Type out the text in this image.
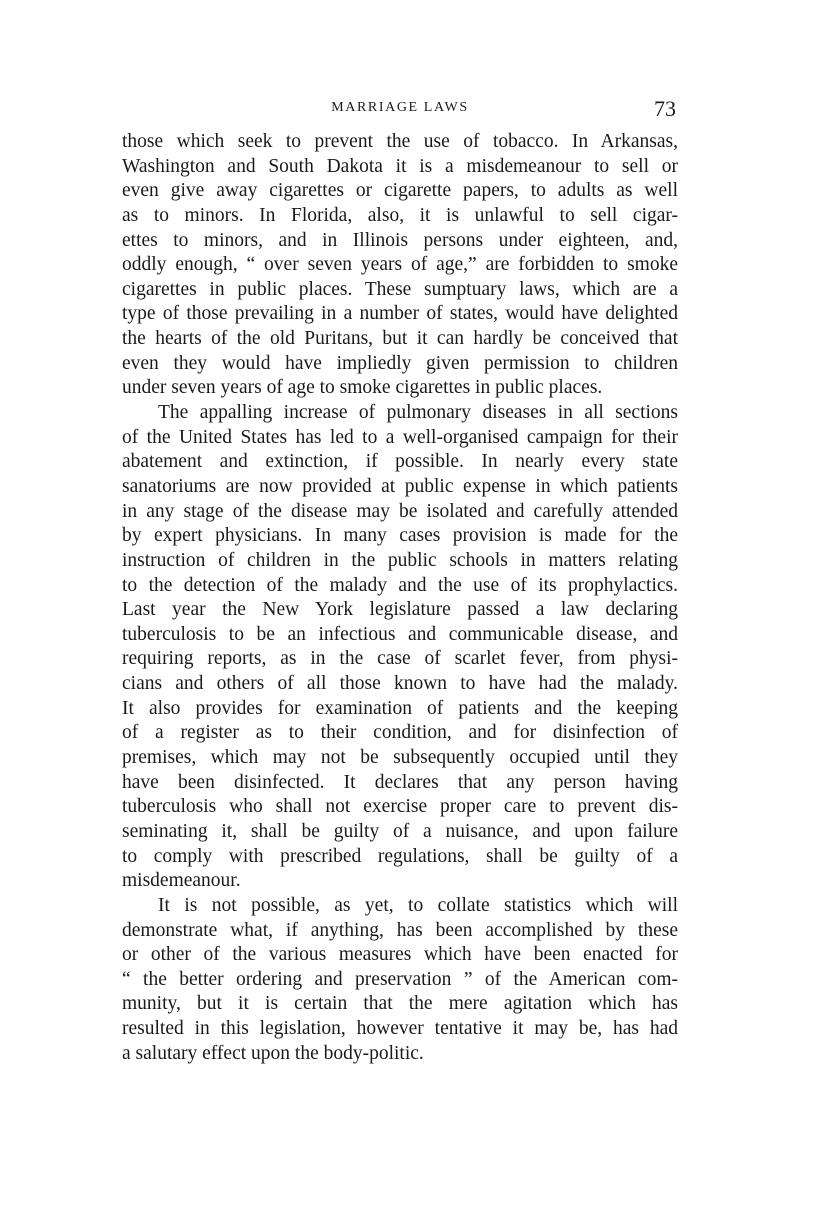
MARRIAGE LAWS	73
those which seek to prevent the use of tobacco. In Arkansas,
Washington and South Dakota it is a misdemeanour to sell or
even give away cigarettes or cigarette papers, to adults as well
as to minors. In Florida, also, it is unlawful to sell cigar-
ettes to minors, and in Illinois persons under eighteen, and,
oddly enough, “ over seven years of age,” are forbidden to smoke
cigarettes in public places. These sumptuary laws, which are a
type of those prevailing in a number of states, would have delighted
the hearts of the old Puritans, but it can hardly be conceived that
even they would have impliedly given permission to children
under seven years of age to smoke cigarettes in public places.
The appalling increase of pulmonary diseases in all sections
of the United States has led to a well-organised campaign for their
abatement and extinction, if possible. In nearly every state
sanatoriums are now provided at public expense in which patients
in any stage of the disease may be isolated and carefully attended
by expert physicians. In many cases provision is made for the
instruction of children in the public schools in matters relating
to the detection of the malady and the use of its prophylactics.
Last year the New York legislature passed a law declaring
tuberculosis to be an infectious and communicable disease, and
requiring reports, as in the case of scarlet fever, from physi-
cians and others of all those known to have had the malady.
It also provides for examination of patients and the keeping
of a register as to their condition, and for disinfection of
premises, which may not be subsequently occupied until they
have been disinfected. It declares that any person having
tuberculosis who shall not exercise proper care to prevent dis-
seminating it, shall be guilty of a nuisance, and upon failure
to comply with prescribed regulations, shall be guilty of a
misdemeanour.
It is not possible, as yet, to collate statistics which will
demonstrate what, if anything, has been accomplished by these
or other of the various measures which have been enacted for
“ the better ordering and preservation ” of the American com-
munity, but it is certain that the mere agitation which has
resulted in this legislation, however tentative it may be, has had
a salutary effect upon the body-politic.
